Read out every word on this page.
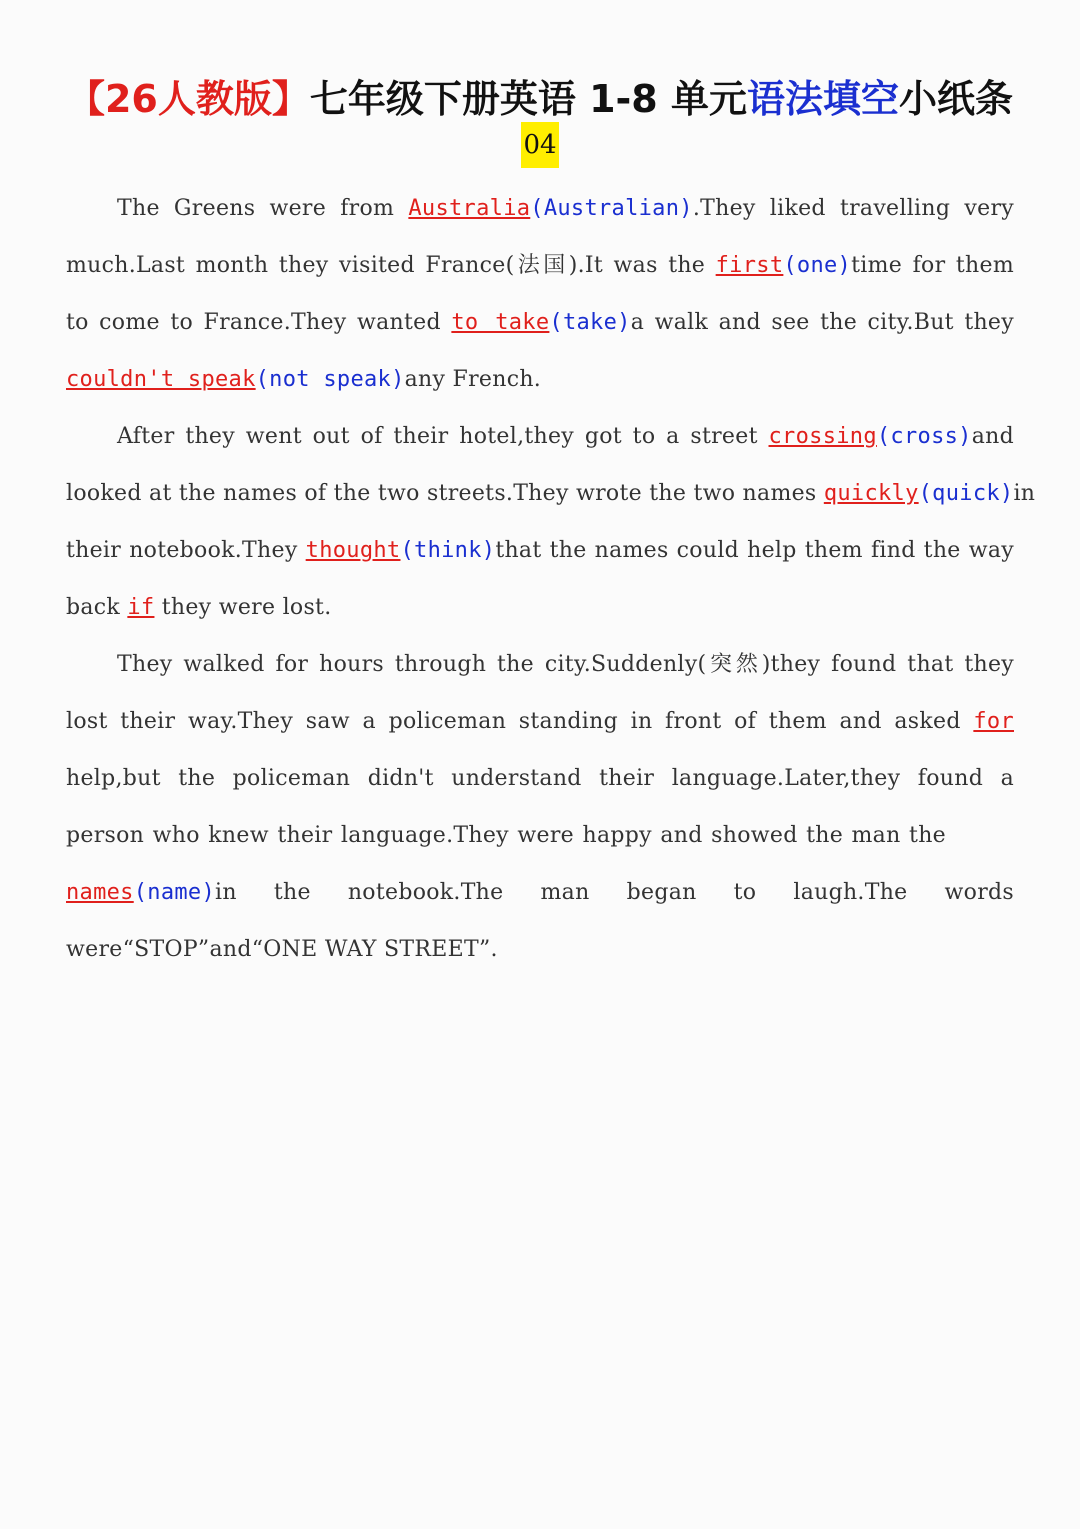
【26人教版】七年级下册英语 1-8 单元语法填空小纸条
04
The Greens were from Australia(Australian).They liked travelling very
much.Last month they visited France(法国).It was the first(one)time for them
to come to France.They wanted to take(take)a walk and see the city.But they
couldn't speak(not speak)any French.
After they went out of their hotel,they got to a street crossing(cross)and
looked at the names of the two streets.They wrote the two names quickly(quick)in
their notebook.They thought(think)that the names could help them find the way
back if they were lost.
They walked for hours through the city.Suddenly(突然)they found that they
lost their way.They saw a policeman standing in front of them and asked for
help,but the policeman didn't understand their language.Later,they found a
person who knew their language.They were happy and showed the man the
names(name)in the notebook.The man began to laugh.The words
were“STOP”and“ONE WAY STREET”.
